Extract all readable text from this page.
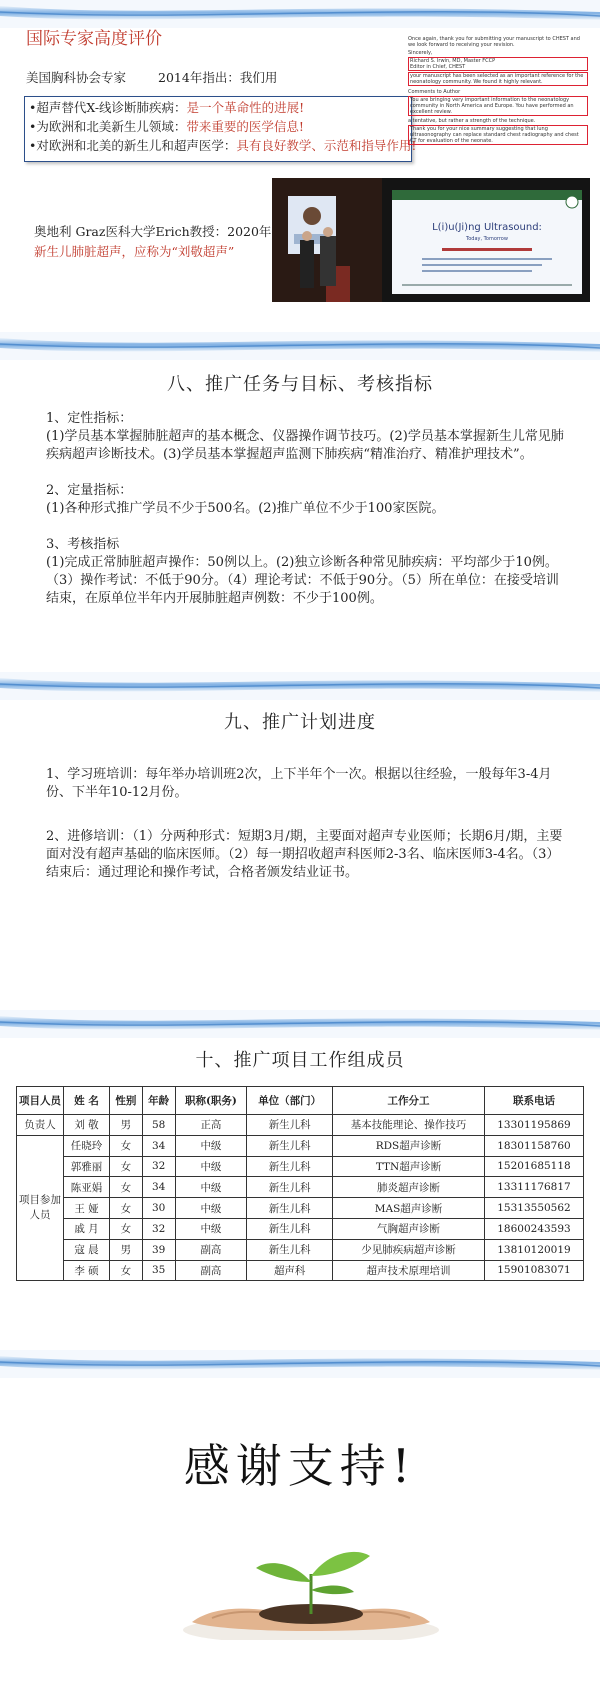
国际专家高度评价
美国胸科协会专家	2014年指出：我们用
•超声替代X-线诊断肺疾病：是一个革命性的进展!
•为欧洲和北美新生儿领域：带来重要的医学信息!
•对欧洲和北美的新生儿和超声医学：具有良好教学、示范和指导作用!
Once again, thank you for submitting your manuscript to CHEST and we look forward to receiving your revision.
Sincerely,
Richard S. Irwin, MD, Master FCCP
Editor in Chief, CHEST
your manuscript has been selected as an important reference for the neonatology community. We found it highly relevant.
Comments to Author
You are bringing very important information to the neonatology community in North America and Europe. You have performed an excellent review.
a tentative, but rather a strength of the technique.
Thank you for your nice summary suggesting that lung ultrasonography can replace standard chest radiography and chest CT for evaluation of the neonate.
奥地利 Graz医科大学Erich教授：2020年
新生儿肺脏超声，应称为“刘敬超声”
L(i)u(Ji)ng Ultrasound:
Today, Tomorrow
八、推广任务与目标、考核指标

1、定性指标：

(1)学员基本掌握肺脏超声的基本概念、仪器操作调节技巧。(2)学员基本掌握新生儿常见肺疾病超声诊断技术。(3)学员基本掌握超声监测下肺疾病“精准治疗、精准护理技术”。

2、定量指标：

(1)各种形式推广学员不少于500名。(2)推广单位不少于100家医院。

3、考核指标

(1)完成正常肺脏超声操作：50例以上。(2)独立诊断各种常见肺疾病：平均部少于10例。（3）操作考试：不低于90分。（4）理论考试：不低于90分。（5）所在单位：在接受培训结束，在原单位半年内开展肺脏超声例数：不少于100例。

九、推广计划进度

1、学习班培训：每年举办培训班2次，上下半年个一次。根据以往经验，一般每年3-4月份、下半年10-12月份。

2、进修培训：（1）分两种形式：短期3月/期，主要面对超声专业医师；长期6月/期，主要面对没有超声基础的临床医师。（2）每一期招收超声科医师2-3名、临床医师3-4名。（3）结束后：通过理论和操作考试，合格者颁发结业证书。

十、推广项目工作组成员
项目人员	姓 名	性别	年龄	职称(职务)	单位（部门）	工作分工	联系电话
负责人	刘 敬	男	58	正高	新生儿科	基本技能理论、操作技巧	13301195869
项目参加人员	任晓玲	女	34	中级	新生儿科	RDS超声诊断	18301158760
	郭雅丽	女	32	中级	新生儿科	TTN超声诊断	15201685118
	陈亚娟	女	34	中级	新生儿科	肺炎超声诊断	13311176817
	王 娅	女	30	中级	新生儿科	MAS超声诊断	15313550562
	戚 月	女	32	中级	新生儿科	气胸超声诊断	18600243593
	寇 晨	男	39	副高	新生儿科	少见肺疾病超声诊断	13810120019
	李 硕	女	35	副高	超声科	超声技术原理培训	15901083071
感谢支持!
